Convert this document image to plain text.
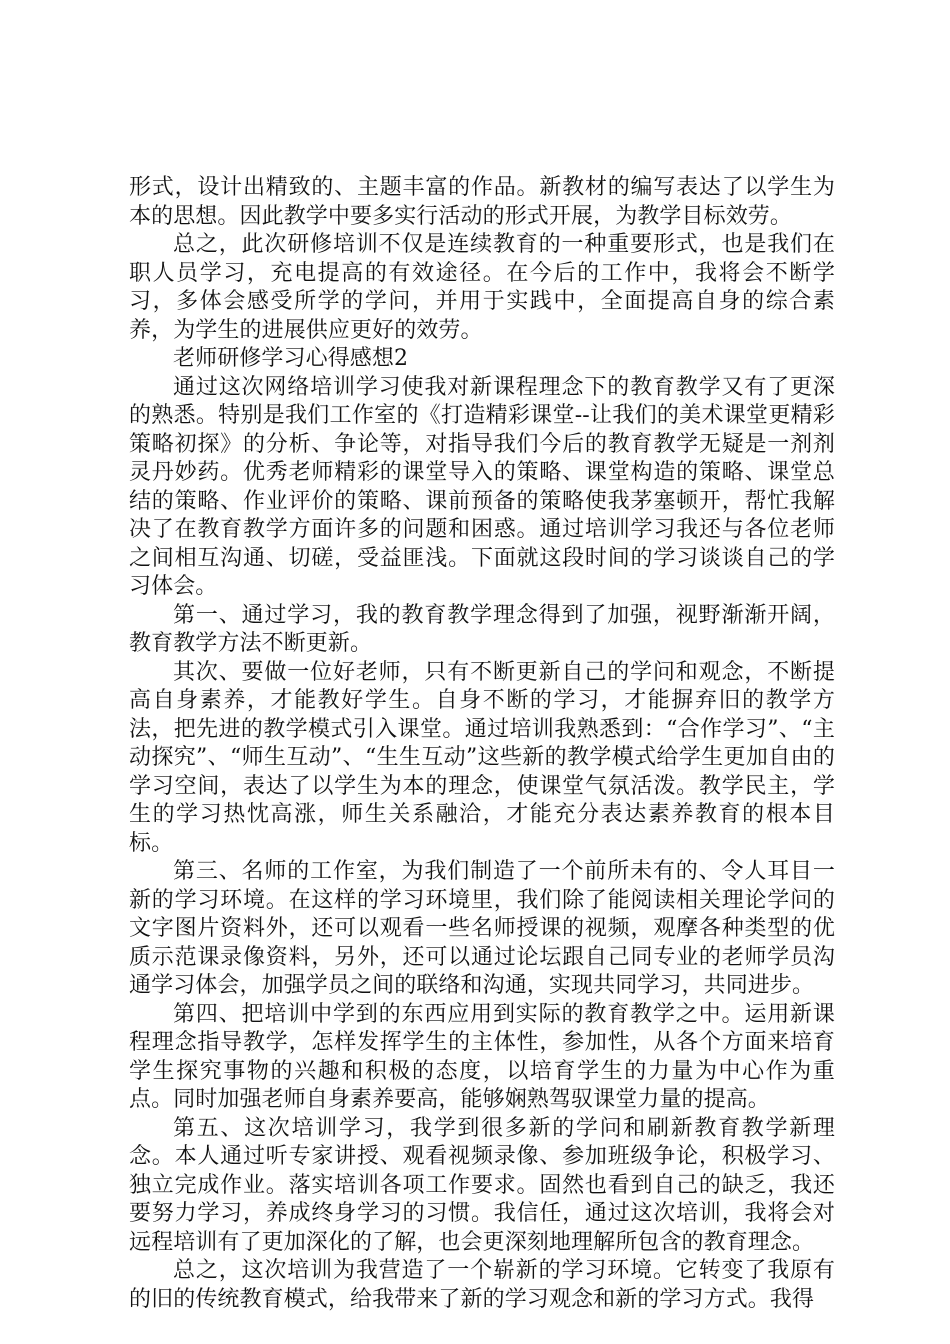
形式，设计出精致的、主题丰富的作品。新教材的编写表达了以学生为本的思想。因此教学中要多实行活动的形式开展，为教学目标效劳。

总之，此次研修培训不仅是连续教育的一种重要形式，也是我们在职人员学习，充电提高的有效途径。在今后的工作中，我将会不断学习，多体会感受所学的学问，并用于实践中，全面提高自身的综合素养，为学生的进展供应更好的效劳。

老师研修学习心得感想2

通过这次网络培训学习使我对新课程理念下的教育教学又有了更深的熟悉。特别是我们工作室的《打造精彩课堂--让我们的美术课堂更精彩策略初探》的分析、争论等，对指导我们今后的教育教学无疑是一剂剂灵丹妙药。优秀老师精彩的课堂导入的策略、课堂构造的策略、课堂总结的策略、作业评价的策略、课前预备的策略使我茅塞顿开，帮忙我解决了在教育教学方面许多的问题和困惑。通过培训学习我还与各位老师之间相互沟通、切磋，受益匪浅。下面就这段时间的学习谈谈自己的学习体会。

第一、通过学习，我的教育教学理念得到了加强，视野渐渐开阔，教育教学方法不断更新。

其次、要做一位好老师，只有不断更新自己的学问和观念，不断提高自身素养，才能教好学生。自身不断的学习，才能摒弃旧的教学方法，把先进的教学模式引入课堂。通过培训我熟悉到：“合作学习”、“主动探究”、“师生互动”、“生生互动”这些新的教学模式给学生更加自由的学习空间，表达了以学生为本的理念，使课堂气氛活泼。教学民主，学生的学习热忱高涨，师生关系融洽，才能充分表达素养教育的根本目标。

第三、名师的工作室，为我们制造了一个前所未有的、令人耳目一新的学习环境。在这样的学习环境里，我们除了能阅读相关理论学问的文字图片资料外，还可以观看一些名师授课的视频，观摩各种类型的优质示范课录像资料，另外，还可以通过论坛跟自己同专业的老师学员沟通学习体会，加强学员之间的联络和沟通，实现共同学习，共同进步。

第四、把培训中学到的东西应用到实际的教育教学之中。运用新课程理念指导教学，怎样发挥学生的主体性，参加性，从各个方面来培育学生探究事物的兴趣和积极的态度，以培育学生的力量为中心作为重点。同时加强老师自身素养要高，能够娴熟驾驭课堂力量的提高。

第五、这次培训学习，我学到很多新的学问和刷新教育教学新理念。本人通过听专家讲授、观看视频录像、参加班级争论，积极学习、独立完成作业。落实培训各项工作要求。固然也看到自己的缺乏，我还要努力学习，养成终身学习的习惯。我信任，通过这次培训，我将会对远程培训有了更加深化的了解，也会更深刻地理解所包含的教育理念。

总之，这次培训为我营造了一个崭新的学习环境。它转变了我原有的旧的传统教育模式，给我带来了新的学习观念和新的学习方式。我得
